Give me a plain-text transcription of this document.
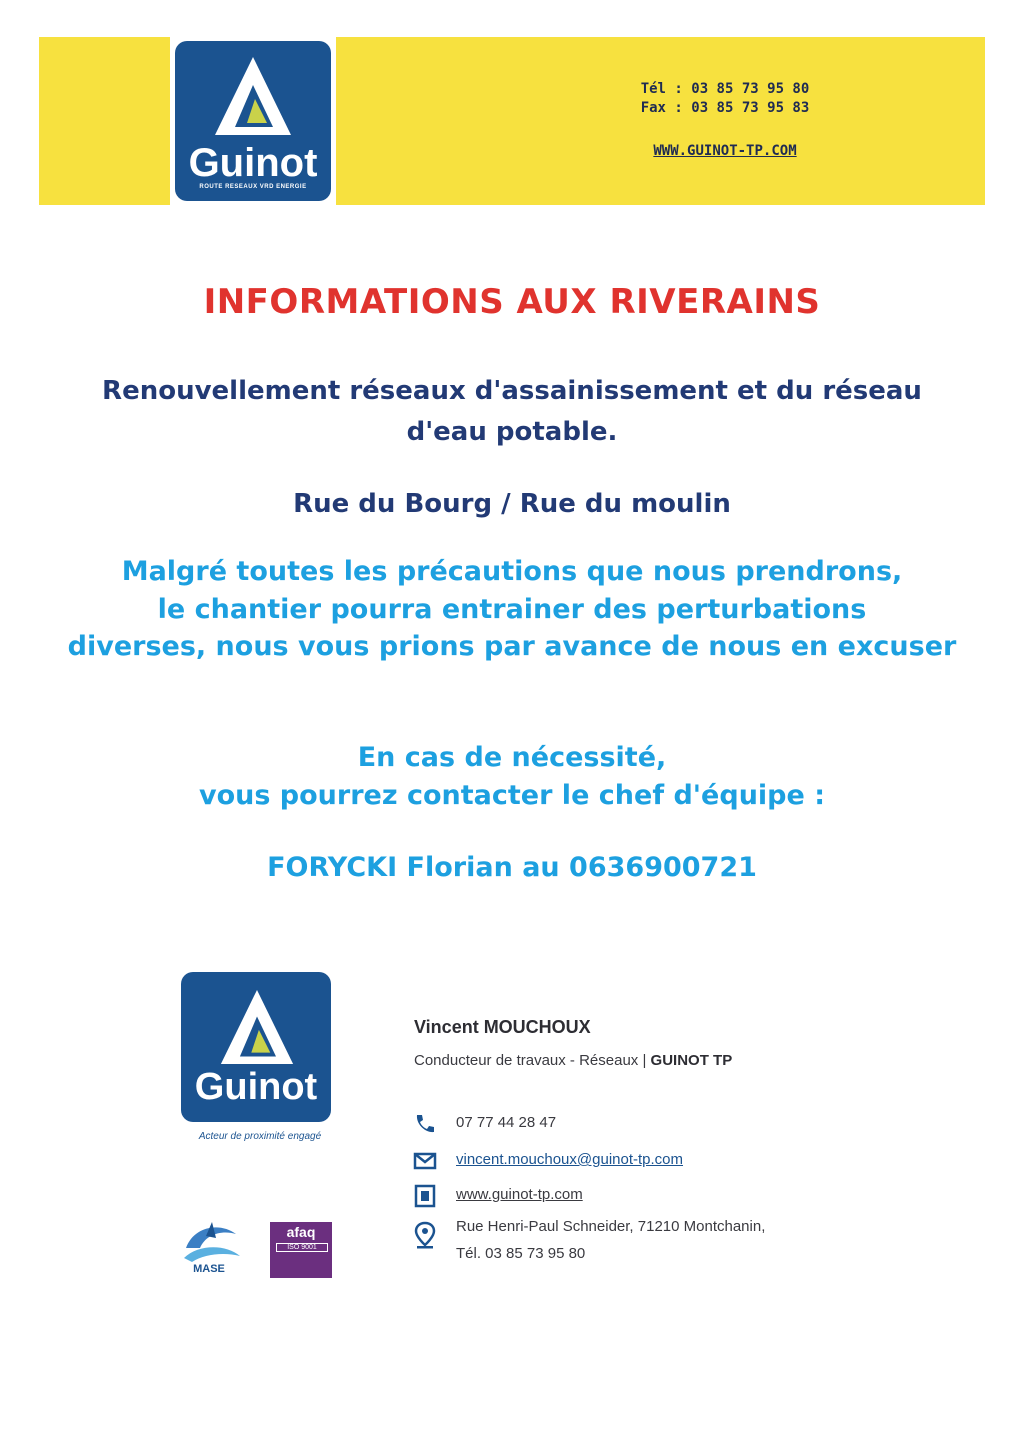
Guinot
ROUTE RESEAUX VRD ENERGIE
Tél : 03 85 73 95 80
Fax : 03 85 73 95 83
WWW.GUINOT-TP.COM
INFORMATIONS AUX RIVERAINS
Renouvellement réseaux d'assainissement et du réseau
d'eau potable.
Rue du Bourg / Rue du moulin
Malgré toutes les précautions que nous prendrons,
le chantier pourra entrainer des perturbations
diverses, nous vous prions par avance de nous en excuser
En cas de nécessité,
vous pourrez contacter le chef d'équipe :
FORYCKI Florian au 0636900721
Guinot
Acteur de proximité engagé
MASE
afaq
ISO 9001
Vincent MOUCHOUX
Conducteur de travaux - Réseaux | GUINOT TP
07 77 44 28 47
vincent.mouchoux@guinot-tp.com
www.guinot-tp.com
Rue Henri-Paul Schneider, 71210 Montchanin,
Tél. 03 85 73 95 80
